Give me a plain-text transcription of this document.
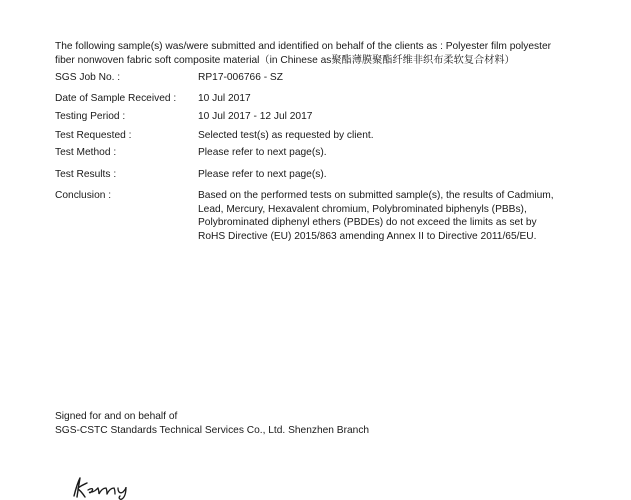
The following sample(s) was/were submitted and identified on behalf of the clients as : Polyester film polyester

fiber nonwoven fabric soft composite material（in Chinese as聚酯薄膜聚酯纤维非织布柔软复合材料）

SGS Job No. :	RP17-006766 - SZ
Date of Sample Received : 10 Jul 2017
Testing Period :	10 Jul 2017 - 12 Jul 2017
Test Requested :	Selected test(s) as requested by client.
Test Method :	Please refer to next page(s).
Test Results :	Please refer to next page(s).
Conclusion :	Based on the performed tests on submitted sample(s), the results of Cadmium,
Lead, Mercury, Hexavalent chromium, Polybrominated biphenyls (PBBs),
Polybrominated diphenyl ethers (PBDEs) do not exceed the limits as set by
RoHS Directive (EU) 2015/863 amending Annex II to Directive 2011/65/EU.

Signed for and on behalf of

SGS-CSTC Standards Technical Services Co., Ltd. Shenzhen Branch
